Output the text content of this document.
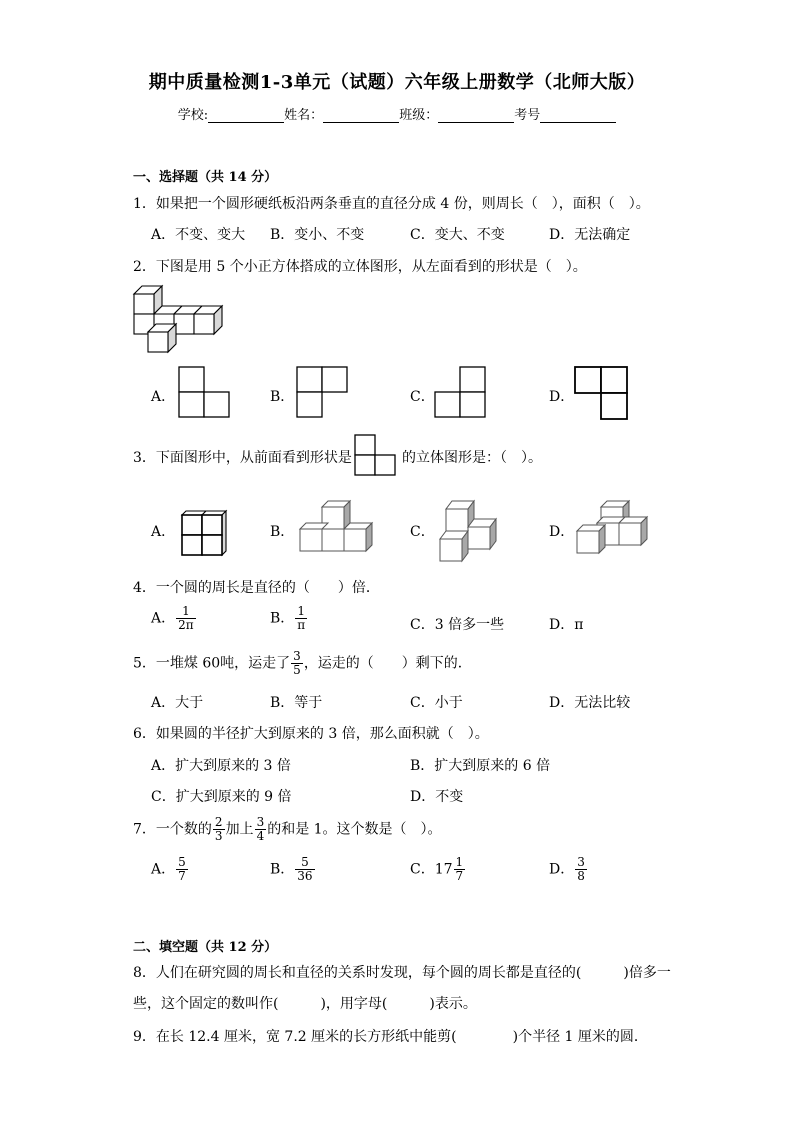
期中质量检测1-3单元（试题）六年级上册数学（北师大版）
学校:	姓名：	班级：	考号
一、选择题（共 14 分）
1．如果把一个圆形硬纸板沿两条垂直的直径分成 4 份，则周长（　），面积（　）。
A．不变、变大 B．变小、不变	C．变大、不变	D．无法确定
2．下图是用 5 个小正方体搭成的立体图形，从左面看到的形状是（　）。
A．	B．	C．	D．
3．下面图形中，从前面看到形状是	的立体图形是：（　）。
A．	B．	C．	D．
4．一个圆的周长是直径的（　　）倍．
A． $\frac{1}{2\pi}$	B． $\frac{1}{\pi}$	C．3 倍多一些	D．π
5．一堆煤 60吨，运走了 $\frac{3}{5}$ ，运走的（　　）剩下的．
A．大于	B．等于	C．小于	D．无法比较
6．如果圆的半径扩大到原来的 3 倍，那么面积就（　）。
A．扩大到原来的 3 倍	B．扩大到原来的 6 倍
C．扩大到原来的 9 倍	D．不变
7．一个数的 $\frac{2}{3}$ 加上 $\frac{3}{4}$ 的和是 1。这个数是（　）。
A． $\frac{5}{7}$	B． $\frac{5}{36}$	C．$17 \frac{1}{7}$	D． $\frac{3}{8}$
二、填空题（共 12 分）
8．人们在研究圆的周长和直径的关系时发现，每个圆的周长都是直径的(　　　)倍多一
些，这个固定的数叫作(　　　)，用字母(　　　)表示。
9．在长 12.4 厘米，宽 7.2 厘米的长方形纸中能剪(　　　　)个半径 1 厘米的圆．
